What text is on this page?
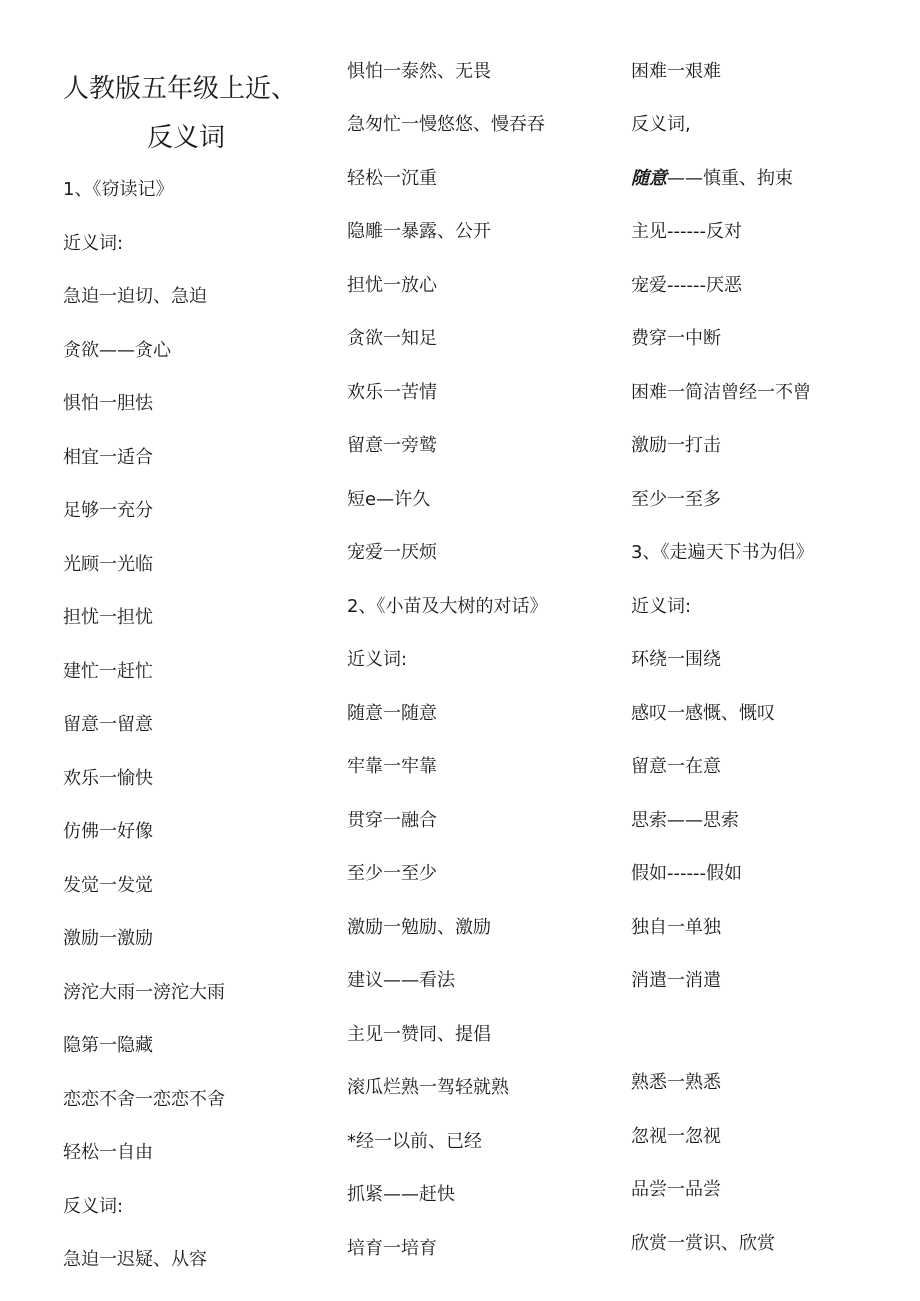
人教版五年级上近、
反义词
1、《窃读记》
近义词:
急迫一迫切、急迫
贪欲——贪心
惧怕一胆怯
相宜一适合
足够一充分
光顾一光临
担忧一担忧
建忙一赶忙
留意一留意
欢乐一愉快
仿佛一好像
发觉一发觉
激励一激励
滂沱大雨一滂沱大雨
隐第一隐藏
恋恋不舍一恋恋不舍
轻松一自由
反义词:
急迫一迟疑、从容
惧怕一泰然、无畏
急匆忙一慢悠悠、慢吞吞
轻松一沉重
隐雕一暴露、公开
担忧一放心
贪欲一知足
欢乐一苦情
留意一旁鹫
短e—许久
宠爱一厌烦
2、《小苗及大树的对话》
近义词:
随意一随意
牢靠一牢靠
贯穿一融合
至少一至少
激励一勉励、激励
建议——看法
主见一赞同、提倡
滚瓜烂熟一驾轻就熟
*经一以前、已经
抓紧——赶快
培育一培育
困难一艰难
反义词,
随意——慎重、拘束
主见------反对
宠爱------厌恶
费穿一中断
困难一简洁曾经一不曾
激励一打击
至少一至多
3、《走遍天下书为侣》
近义词:
环绕一围绕
感叹一感慨、慨叹
留意一在意
思索——思索
假如------假如
独自一单独
消遣一消遣
熟悉一熟悉
忽视一忽视
品尝一品尝
欣赏一赏识、欣赏
